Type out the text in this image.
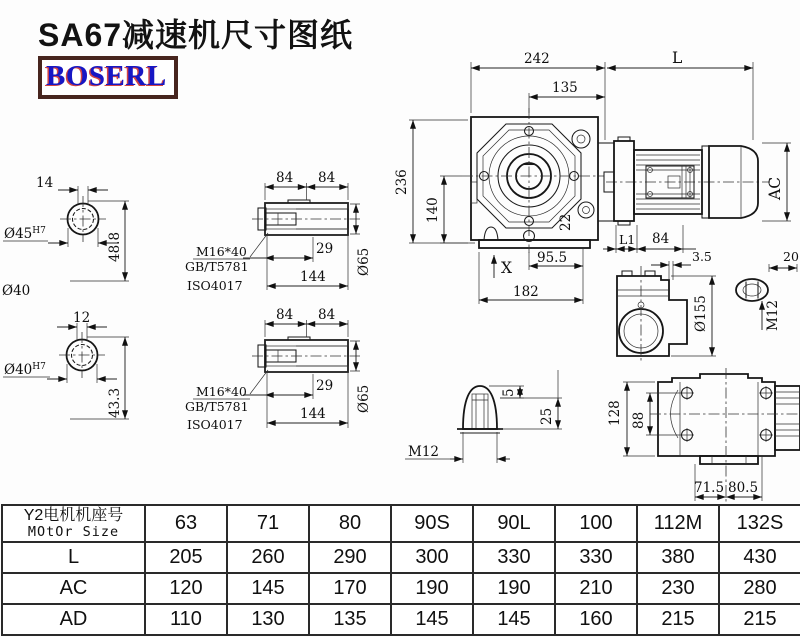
SA67减速机尺寸图纸
BOSERL
14
$Ø45^{H7}$
48.8
Ø40
12
$Ø40^{H7}$
43.3
84 84
29
144
Ø65
M16*40
GB/T5781
ISO4017
84 84
29
144
Ø65
M16*40
GB/T5781
ISO4017
22
X
242	L
135
236
140
95.5
182
AC
L1 84
3.5
Ø155
20
M12
5
25
M12
128 88
71.5 80.5
Y2电机机座号
MOtOr Size	63	71	80	90S	90L	100	112M	132S
L	205	260	290	300	330	330	380	430
AC	120	145	170	190	190	210	230	280
AD	110	130	135	145	145	160	215	215
